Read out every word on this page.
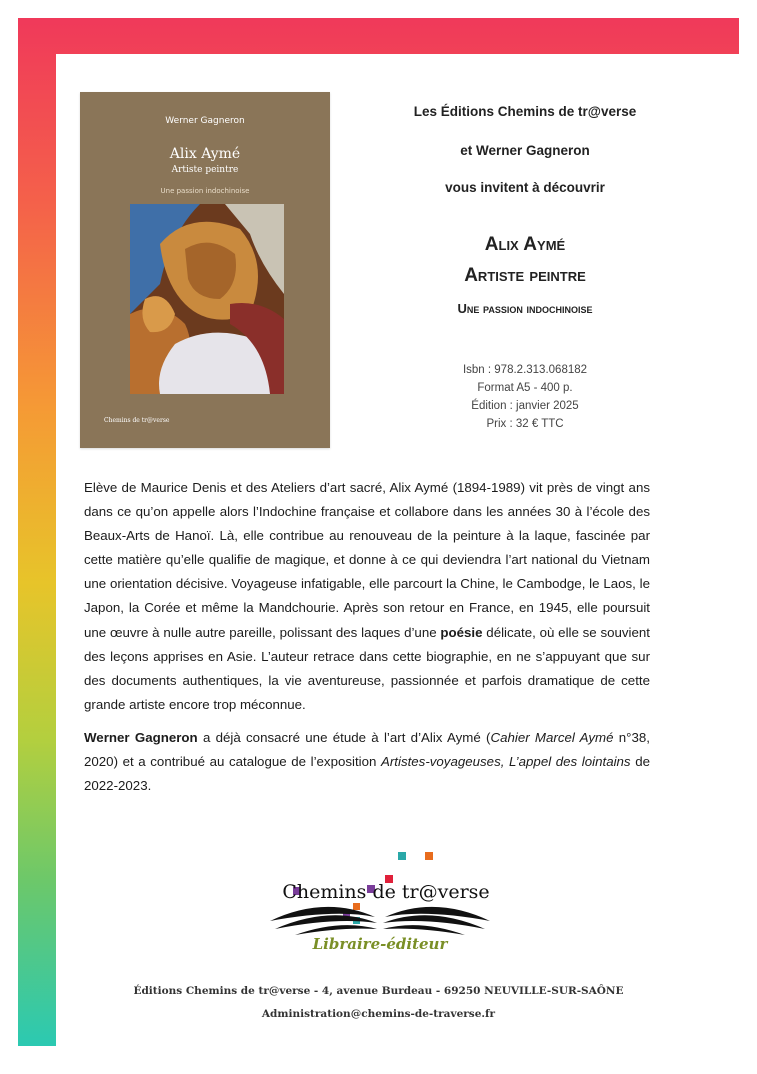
Werner Gagneron
Alix Aymé
Artiste peintre
Une passion indochinoise
Chemins de tr@verse
Les Éditions Chemins de tr@verse
et Werner Gagneron
vous invitent à découvrir
Alix Aymé
Artiste peintre
Une passion indochinoise
Isbn : 978.2.313.068182
Format A5 - 400 p.
Édition : janvier 2025
Prix : 32 € TTC

Elève de Maurice Denis et des Ateliers d’art sacré, Alix Aymé (1894-1989) vit près de vingt ans dans ce qu’on appelle alors l’Indochine française et collabore dans les années 30 à l’école des Beaux-Arts de Hanoï. Là, elle contribue au renouveau de la peinture à la laque, fascinée par cette matière qu’elle qualifie de magique, et donne à ce qui deviendra l’art national du Vietnam une orientation décisive. Voyageuse infatigable, elle parcourt la Chine, le Cambodge, le Laos, le Japon, la Corée et même la Mandchourie. Après son retour en France, en 1945, elle poursuit une œuvre à nulle autre pareille, polissant des laques d’une poésie délicate, où elle se souvient des leçons apprises en Asie. L’auteur retrace dans cette biographie, en ne s’appuyant que sur des documents authentiques, la vie aventureuse, passionnée et parfois dramatique de cette grande artiste encore trop méconnue.

Werner Gagneron a déjà consacré une étude à l’art d’Alix Aymé (Cahier Marcel Aymé n°38, 2020) et a contribué au catalogue de l’exposition Artistes-voyageuses, L’appel des lointains de 2022-2023.

Chemins de tr@verse
Libraire-éditeur
Éditions Chemins de tr@verse - 4, avenue Burdeau - 69250 NEUVILLE-SUR-SAÔNE
Administration@chemins-de-traverse.fr
